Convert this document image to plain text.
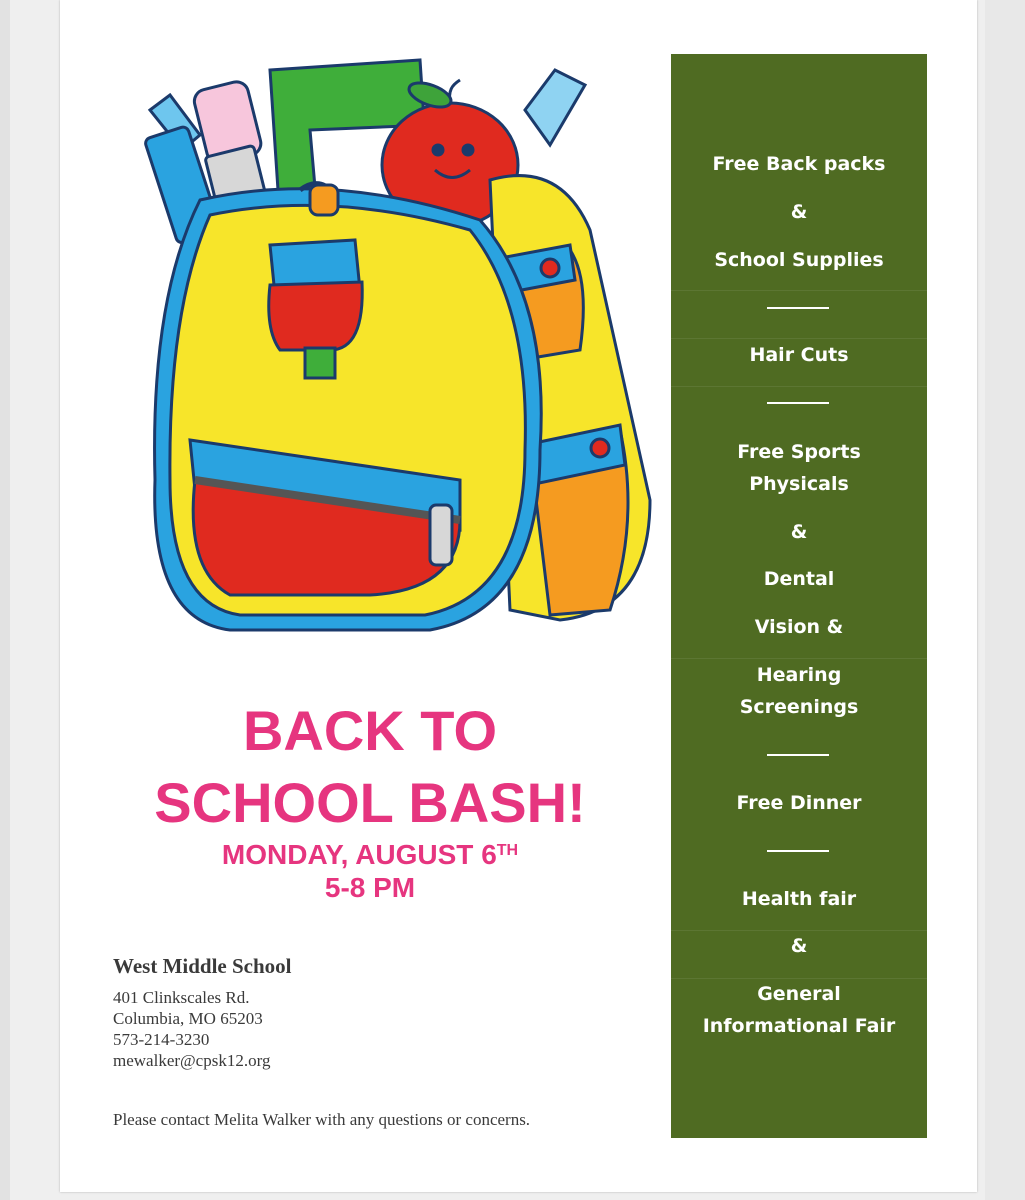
BACK TO
SCHOOL BASH!
MONDAY, AUGUST 6TH
5-8 PM
West Middle School
401 Clinkscales Rd.
Columbia, MO 65203
573-214-3230
mewalker@cpsk12.org
Please contact Melita Walker with any questions or concerns.
Free Back packs
&
School Supplies
Hair Cuts
Free Sports
Physicals
&
Dental
Vision &
Hearing
Screenings
Free Dinner
Health fair
&
General
Informational Fair
